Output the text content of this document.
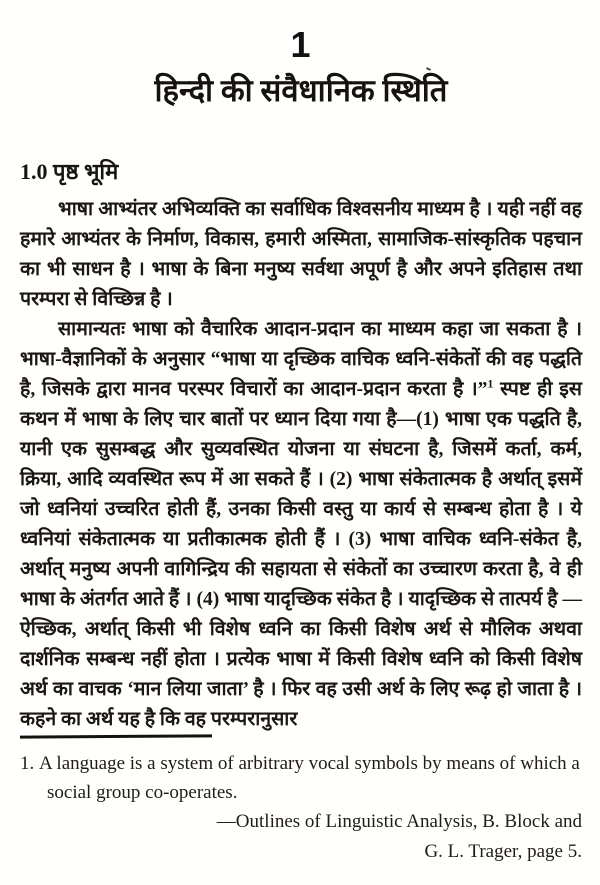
1
हिन्दी की संवैधानिक स्थिति
1.0 पृष्ठ भूमि

भाषा आभ्यंतर अभिव्यक्ति का सर्वाधिक विश्वसनीय माध्यम है । यही नहीं वह हमारे आभ्यंतर के निर्माण, विकास, हमारी अस्मिता, सामाजिक-सांस्कृतिक पहचान का भी साधन है । भाषा के बिना मनुष्य सर्वथा अपूर्ण है और अपने इतिहास तथा परम्परा से विच्छिन्न है ।

सामान्यतः भाषा को वैचारिक आदान-प्रदान का माध्यम कहा जा सकता है । भाषा-वैज्ञानिकों के अनुसार “भाषा या दृच्छिक वाचिक ध्वनि-संकेतों की वह पद्धति है, जिसके द्वारा मानव परस्पर विचारों का आदान-प्रदान करता है ।”$^1$ स्पष्ट ही इस कथन में भाषा के लिए चार बातों पर ध्यान दिया गया है—(1) भाषा एक पद्धति है, यानी एक सुसम्बद्ध और सुव्यवस्थित योजना या संघटना है, जिसमें कर्ता, कर्म, क्रिया, आदि व्यवस्थित रूप में आ सकते हैं । (2) भाषा संकेतात्मक है अर्थात् इसमें जो ध्वनियां उच्चरित होती हैं, उनका किसी वस्तु या कार्य से सम्बन्ध होता है । ये ध्वनियां संकेतात्मक या प्रतीकात्मक होती हैं । (3) भाषा वाचिक ध्वनि-संकेत है, अर्थात् मनुष्य अपनी वागिन्द्रिय की सहायता से संकेतों का उच्चारण करता है, वे ही भाषा के अंतर्गत आते हैं । (4) भाषा यादृच्छिक संकेत है । यादृच्छिक से तात्पर्य है —ऐच्छिक, अर्थात् किसी भी विशेष ध्वनि का किसी विशेष अर्थ से मौलिक अथवा दार्शनिक सम्बन्ध नहीं होता । प्रत्येक भाषा में किसी विशेष ध्वनि को किसी विशेष अर्थ का वाचक ‘मान लिया जाता’ है । फिर वह उसी अर्थ के लिए रूढ़ हो जाता है । कहने का अर्थ यह है कि वह परम्परानुसार

1. A language is a system of arbitrary vocal symbols by means of which a social group co-operates.
—Outlines of Linguistic Analysis, B. Block and
G. L. Trager, page 5.
